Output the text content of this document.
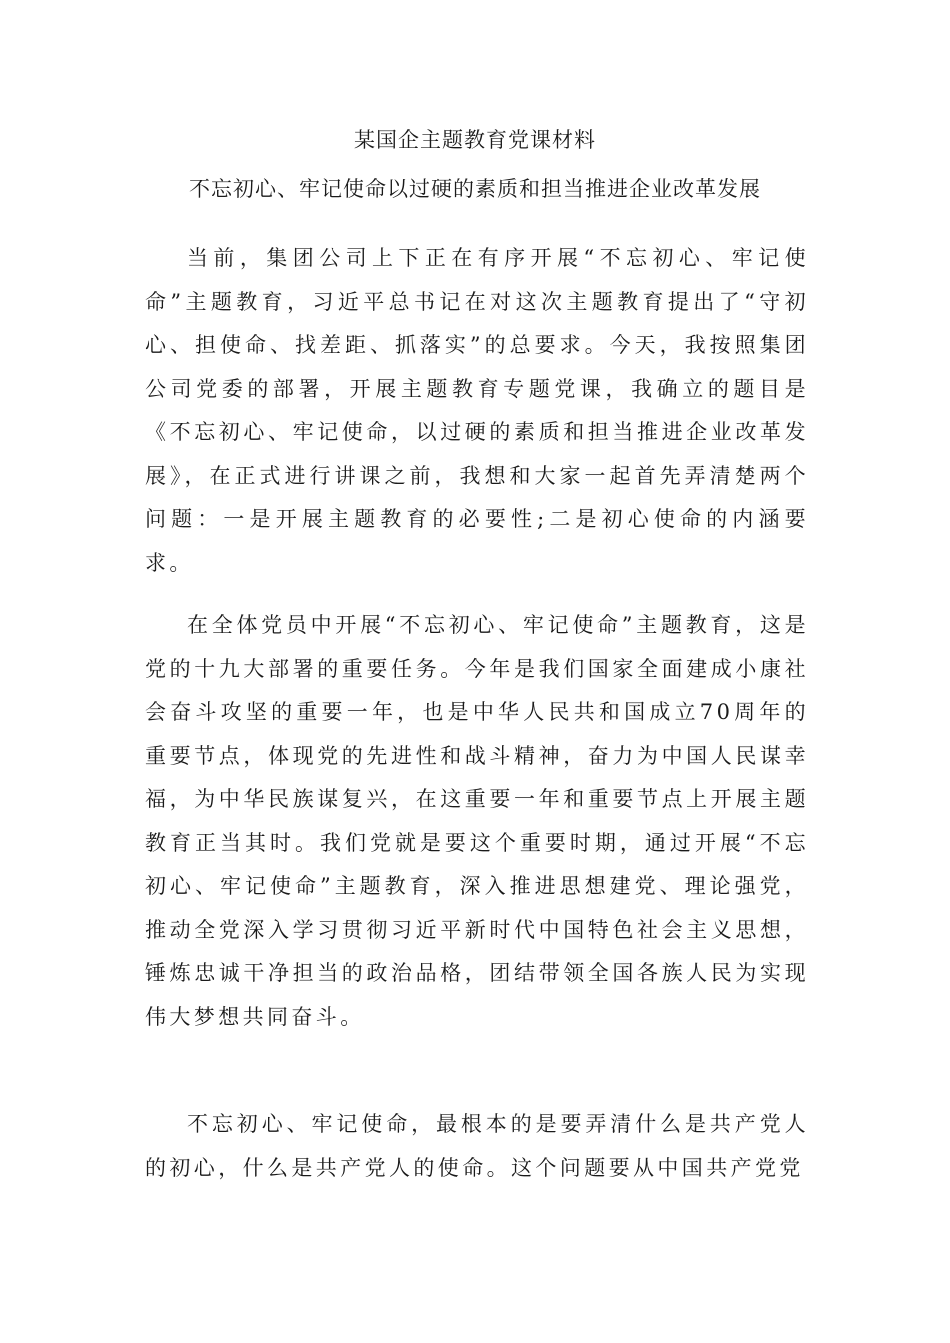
某国企主题教育党课材料
不忘初心、牢记使命以过硬的素质和担当推进企业改革发展

当前，集团公司上下正在有序开展“不忘初心、牢记使命”主题教育，习近平总书记在对这次主题教育提出了“守初心、担使命、找差距、抓落实”的总要求。今天，我按照集团公司党委的部署，开展主题教育专题党课，我确立的题目是《不忘初心、牢记使命，以过硬的素质和担当推进企业改革发展》，在正式进行讲课之前，我想和大家一起首先弄清楚两个问题：一是开展主题教育的必要性;二是初心使命的内涵要求。

在全体党员中开展“不忘初心、牢记使命”主题教育，这是党的十九大部署的重要任务。今年是我们国家全面建成小康社会奋斗攻坚的重要一年，也是中华人民共和国成立70周年的重要节点，体现党的先进性和战斗精神，奋力为中国人民谋幸福，为中华民族谋复兴，在这重要一年和重要节点上开展主题教育正当其时。我们党就是要这个重要时期，通过开展“不忘初心、牢记使命”主题教育，深入推进思想建党、理论强党，推动全党深入学习贯彻习近平新时代中国特色社会主义思想，锤炼忠诚干净担当的政治品格，团结带领全国各族人民为实现伟大梦想共同奋斗。

不忘初心、牢记使命，最根本的是要弄清什么是共产党人的初心，什么是共产党人的使命。这个问题要从中国共产党党
